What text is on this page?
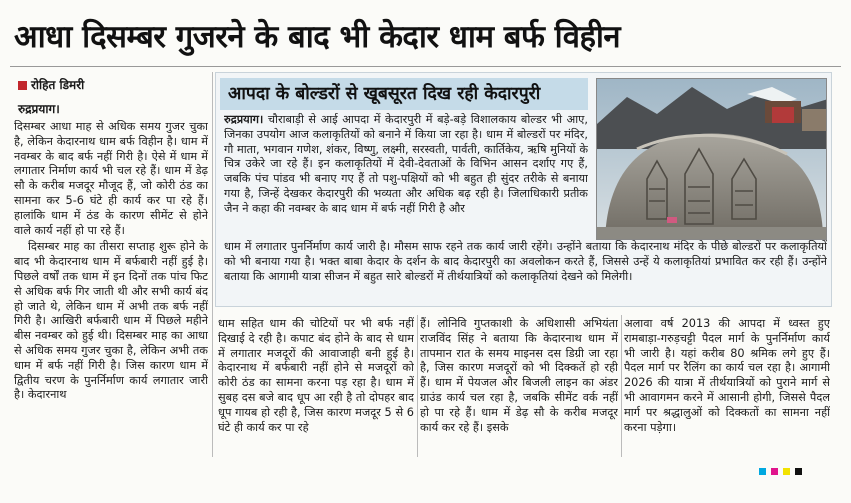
आधा दिसम्बर गुजरने के बाद भी केदार धाम बर्फ विहीन
रोहित डिमरी
रुद्रप्रयाग।

दिसम्बर आधा माह से अधिक समय गुजर चुका है, लेकिन केदारनाथ धाम बर्फ विहीन है। धाम में नवम्बर के बाद बर्फ नहीं गिरी है। ऐसे में धाम में लगातार निर्माण कार्य भी चल रहे हैं। धाम में डेढ़ सौ के करीब मजदूर मौजूद हैं, जो कोरी ठंड का सामना कर 5-6 घंटे ही कार्य कर पा रहे हैं। हालांकि धाम में ठंड के कारण सीमेंट से होने वाले कार्य नहीं हो पा रहे हैं।

दिसम्बर माह का तीसरा सप्ताह शुरू होने के बाद भी केदारनाथ धाम में बर्फबारी नहीं हुई है। पिछले वर्षों तक धाम में इन दिनों तक पांच फिट से अधिक बर्फ गिर जाती थी और सभी कार्य बंद हो जाते थे, लेकिन धाम में अभी तक बर्फ नहीं गिरी है। आखिरी बर्फबारी धाम में पिछले महीने बीस नवम्बर को हुई थी। दिसम्बर माह का आधा से अधिक समय गुजर चुका है, लेकिन अभी तक धाम में बर्फ नहीं गिरी है। जिस कारण धाम में द्वितीय चरण के पुनर्निर्माण कार्य लगातार जारी है। केदारनाथ

आपदा के बोल्डरों से खूबसूरत दिख रही केदारपुरी

रुद्रप्रयाग। चौराबाड़ी से आई आपदा में केदारपुरी में बड़े-बड़े विशालकाय बोल्डर भी आए, जिनका उपयोग आज कलाकृतियों को बनाने में किया जा रहा है। धाम में बोल्डरों पर मंदिर, गौ माता, भगवान गणेश, शंकर, विष्णु, लक्ष्मी, सरस्वती, पार्वती, कार्तिकेय, ऋषि मुनियों के चित्र उकेरे जा रहे हैं। इन कलाकृतियों में देवी-देवताओं के विभिन आसन दर्शाए गए हैं, जबकि पंच पांडव भी बनाए गए हैं तो पशु-पक्षियों को भी बहुत ही सुंदर तरीके से बनाया गया है, जिन्हें देखकर केदारपुरी की भव्यता और अधिक बढ़ रही है। जिलाधिकारी प्रतीक जैन ने कहा की नवम्बर के बाद धाम में बर्फ नहीं गिरी है और

धाम में लगातार पुनर्निर्माण कार्य जारी है। मौसम साफ रहने तक कार्य जारी रहेंगे। उन्होंने बताया कि केदारनाथ मंदिर के पीछे बोल्डरों पर कलाकृतियों को भी बनाया गया है। भक्त बाबा केदार के दर्शन के बाद केदारपुरी का अवलोकन करते हैं, जिससे उन्हें ये कलाकृतियां प्रभावित कर रही हैं। उन्होंने बताया कि आगामी यात्रा सीजन में बहुत सारे बोल्डरों में तीर्थयात्रियों को कलाकृतियां देखने को मिलेगी।

धाम सहित धाम की चोटियों पर भी बर्फ नहीं दिखाई दे रही है। कपाट बंद होने के बाद से धाम में लगातार मजदूरों की आवाजाही बनी हुई है। केदारनाथ में बर्फबारी नहीं होने से मजदूरों को कोरी ठंड का सामना करना पड़ रहा है। धाम में सुबह दस बजे बाद धूप आ रही है तो दोपहर बाद धूप गायब हो रही है, जिस कारण मजदूर 5 से 6 घंटे ही कार्य कर पा रहे

हैं। लोनिवि गुप्तकाशी के अधिशासी अभियंता राजविंद सिंह ने बताया कि केदारनाथ धाम में तापमान रात के समय माइनस दस डिग्री जा रहा है, जिस कारण मजदूरों को भी दिक्कतें हो रही हैं। धाम में पेयजल और बिजली लाइन का अंडर ग्राउंड कार्य चल रहा है, जबकि सीमेंट वर्क नहीं हो पा रहे हैं। धाम में डेढ़ सौ के करीब मजदूर कार्य कर रहे हैं। इसके

अलावा वर्ष 2013 की आपदा में ध्वस्त हुए रामबाड़ा-गरुड़चट्टी पैदल मार्ग के पुनर्निर्माण कार्य भी जारी है। यहां करीब 80 श्रमिक लगे हुए हैं। पैदल मार्ग पर रैलिंग का कार्य चल रहा है। आगामी 2026 की यात्रा में तीर्थयात्रियों को पुराने मार्ग से भी आवागमन करने में आसानी होगी, जिससे पैदल मार्ग पर श्रद्धालुओं को दिक्कतों का सामना नहीं करना पड़ेगा।
